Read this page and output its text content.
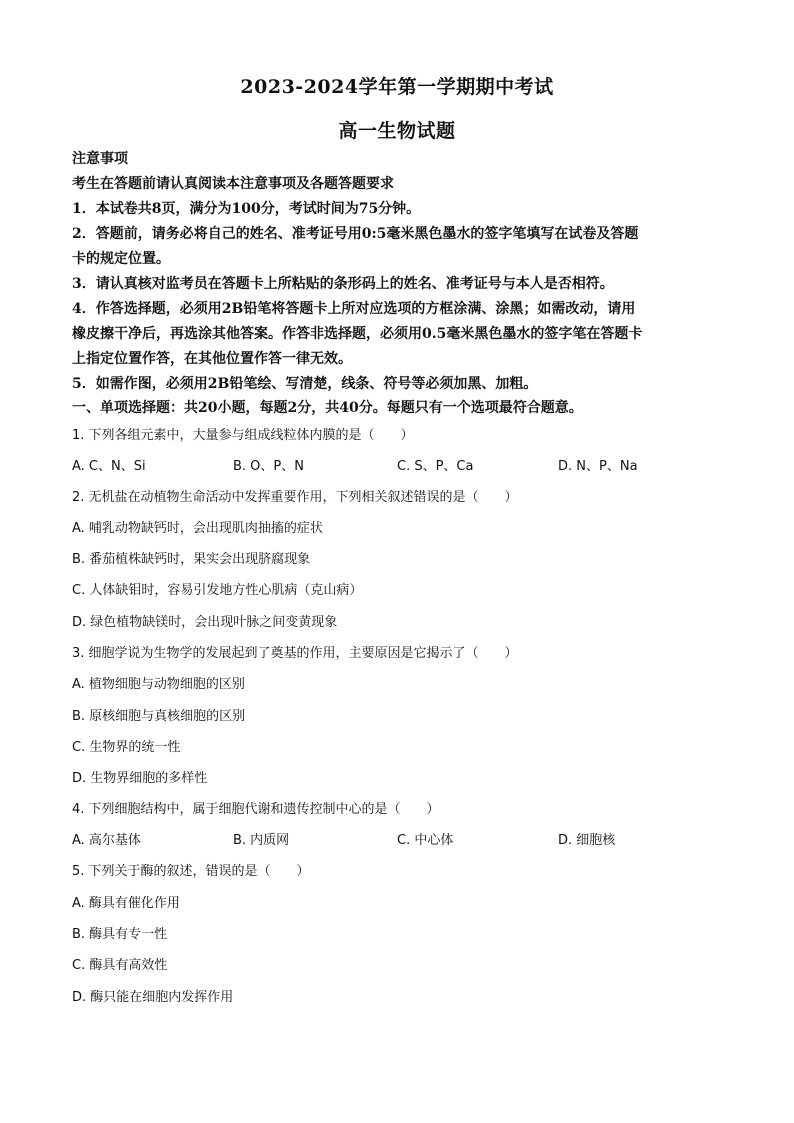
2023-2024学年第一学期期中考试
高一生物试题
注意事项
考生在答题前请认真阅读本注意事项及各题答题要求
1．本试卷共8页，满分为100分，考试时间为75分钟。
2．答题前，请务必将自己的姓名、准考证号用0:5毫米黑色墨水的签字笔填写在试卷及答题
卡的规定位置。
3．请认真核对监考员在答题卡上所粘贴的条形码上的姓名、准考证号与本人是否相符。
4．作答选择题，必须用2B铅笔将答题卡上所对应选项的方框涂满、涂黑；如需改动，请用
橡皮擦干净后，再选涂其他答案。作答非选择题，必须用0.5毫米黑色墨水的签字笔在答题卡
上指定位置作答，在其他位置作答一律无效。
5．如需作图，必须用2B铅笔绘、写清楚，线条、符号等必须加黑、加粗。
一、单项选择题：共20小题，每题2分，共40分。每题只有一个选项最符合题意。
1. 下列各组元素中，大量参与组成线粒体内膜的是（　　）
A. C、N、Si	B. O、P、N	C. S、P、Ca	D. N、P、Na
2. 无机盐在动植物生命活动中发挥重要作用，下列相关叙述错误的是（　　）
A. 哺乳动物缺钙时，会出现肌肉抽搐的症状
B. 番茄植株缺钙时，果实会出现脐腐现象
C. 人体缺钼时，容易引发地方性心肌病（克山病）
D. 绿色植物缺镁时，会出现叶脉之间变黄现象
3. 细胞学说为生物学的发展起到了奠基的作用，主要原因是它揭示了（　　）
A. 植物细胞与动物细胞的区别
B. 原核细胞与真核细胞的区别
C. 生物界的统一性
D. 生物界细胞的多样性
4. 下列细胞结构中，属于细胞代谢和遗传控制中心的是（　　）
A. 高尔基体	B. 内质网	C. 中心体	D. 细胞核
5. 下列关于酶的叙述，错误的是（　　）
A. 酶具有催化作用
B. 酶具有专一性
C. 酶具有高效性
D. 酶只能在细胞内发挥作用
